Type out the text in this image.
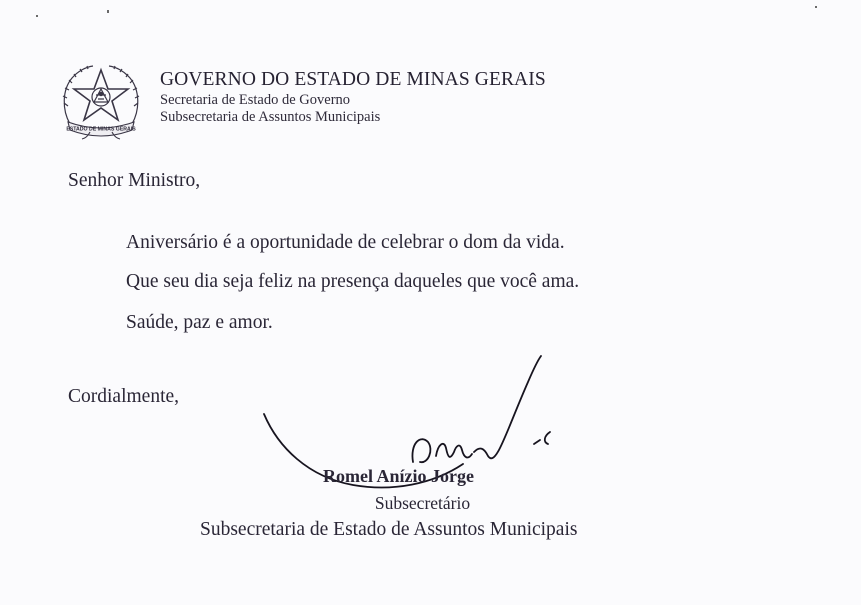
ESTADO DE MINAS GERAIS
GOVERNO DO ESTADO DE MINAS GERAIS
Secretaria de Estado de Governo
Subsecretaria de Assuntos Municipais
Senhor Ministro,
Aniversário é a oportunidade de celebrar o dom da vida.
Que seu dia seja feliz na presença daqueles que você ama.
Saúde, paz e amor.
Cordialmente,
Romel Anízio Jorge
Subsecretário
Subsecretaria de Estado de Assuntos Municipais
